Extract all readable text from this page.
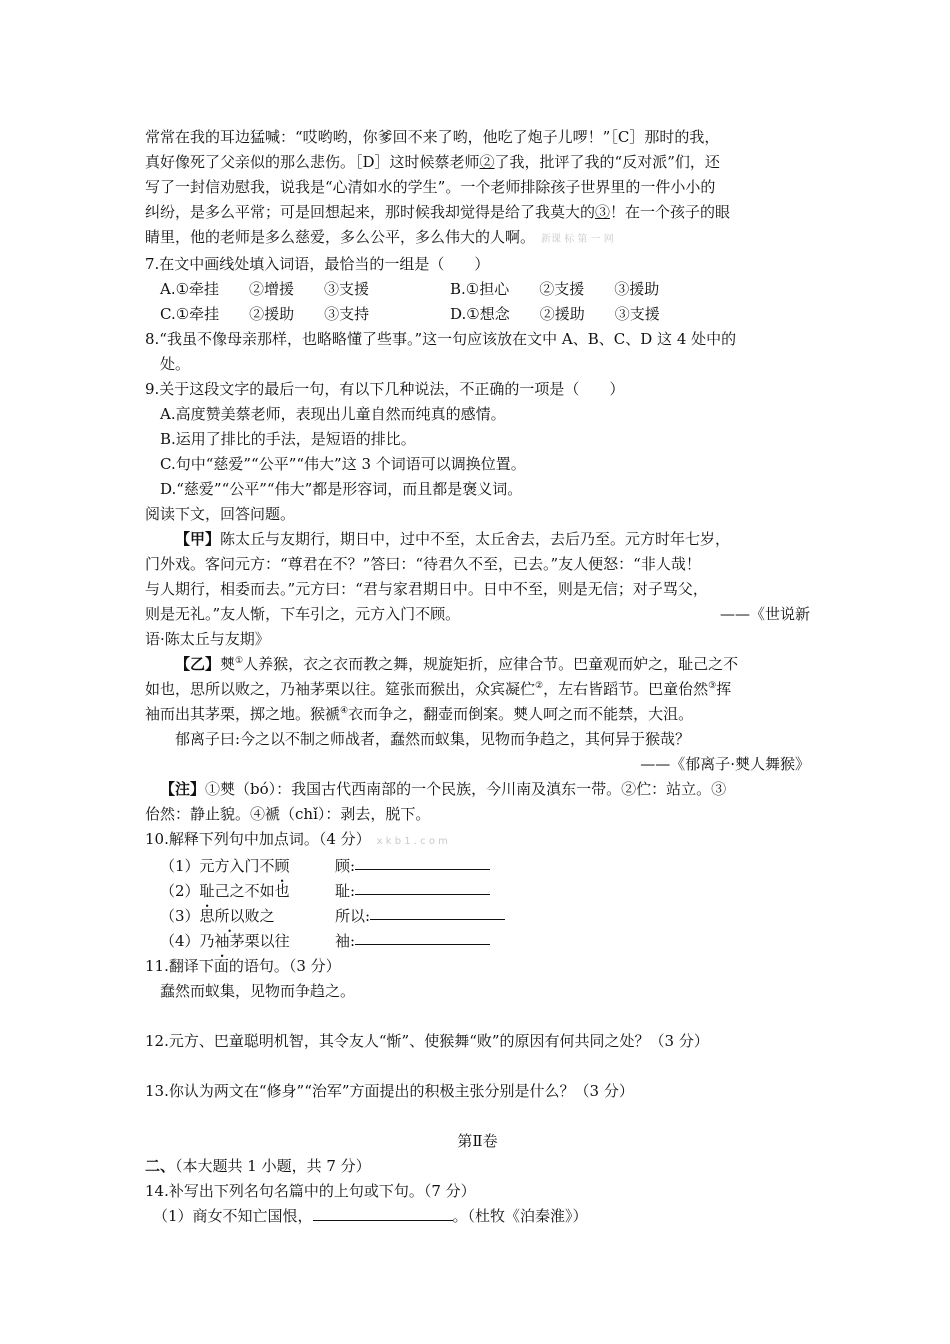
常常在我的耳边猛喊：“哎哟哟，你爹回不来了哟，他吃了炮子儿啰！”［C］那时的我，

真好像死了父亲似的那么悲伤。［D］这时候蔡老师②了我，批评了我的“反对派”们，还

写了一封信劝慰我，说我是“心清如水的学生”。一个老师排除孩子世界里的一件小小的

纠纷，是多么平常；可是回想起来，那时候我却觉得是给了我莫大的③！在一个孩子的眼

睛里，他的老师是多么慈爱，多么公平，多么伟大的人啊。 新课 标 第 一 网

7.在文中画线处填入词语，最恰当的一组是（　　）

A.①牵挂　　②增援　　③支援	B.①担心　　②支援　　③援助
C.①牵挂　　②援助　　③支持	D.①想念　　②援助　　③支援

8.“我虽不像母亲那样，也略略懂了些事。”这一句应该放在文中 A、B、C、D 这 4 处中的

处。

9.关于这段文字的最后一句，有以下几种说法，不正确的一项是（　　）

A.高度赞美蔡老师，表现出儿童自然而纯真的感情。

B.运用了排比的手法，是短语的排比。

C.句中“慈爱”“公平”“伟大”这 3 个词语可以调换位置。

D.“慈爱”“公平”“伟大”都是形容词，而且都是褒义词。

阅读下文，回答问题。

【甲】陈太丘与友期行，期日中，过中不至，太丘舍去，去后乃至。元方时年七岁，

门外戏。客问元方：“尊君在不？”答曰：“待君久不至，已去。”友人便怒：“非人哉！

与人期行，相委而去。”元方曰：“君与家君期日中。日中不至，则是无信；对子骂父，

则是无礼。”友人惭，下车引之，元方入门不顾。	——《世说新

语·陈太丘与友期》

【乙】僰①人养猴，衣之衣而教之舞，规旋矩折，应律合节。巴童观而妒之，耻己之不

如也，思所以败之，乃袖茅栗以往。筵张而猴出，众宾凝伫②，左右皆蹈节。巴童佁然③挥

袖而出其茅栗，掷之地。猴褫④衣而争之，翻壶而倒案。僰人呵之而不能禁，大沮。

郁离子曰:今之以不制之师战者，蠢然而蚁集，见物而争趋之，其何异于猴哉？

——《郁离子·僰人舞猴》

【注】①僰（bó）：我国古代西南部的一个民族，今川南及滇东一带。②伫：站立。③

佁然：静止貌。④褫（chǐ）：剥去，脱下。

10.解释下列句中加点词。（4 分） x k b 1 . c o m

（1）元方入门不顾	顾:
（2）耻己之不如也	耻:
（3）思所以败之	所以:
（4）乃袖茅栗以往	袖:

11.翻译下面的语句。（3 分）

蠢然而蚁集，见物而争趋之。

12.元方、巴童聪明机智，其令友人“惭”、使猴舞“败”的原因有何共同之处？（3 分）

13.你认为两文在“修身”“治军”方面提出的积极主张分别是什么？（3 分）

第Ⅱ卷

二、（本大题共 1 小题，共 7 分）

14.补写出下列名句名篇中的上句或下句。（7 分）

（1）商女不知亡国恨，	。（杜牧《泊秦淮》）
